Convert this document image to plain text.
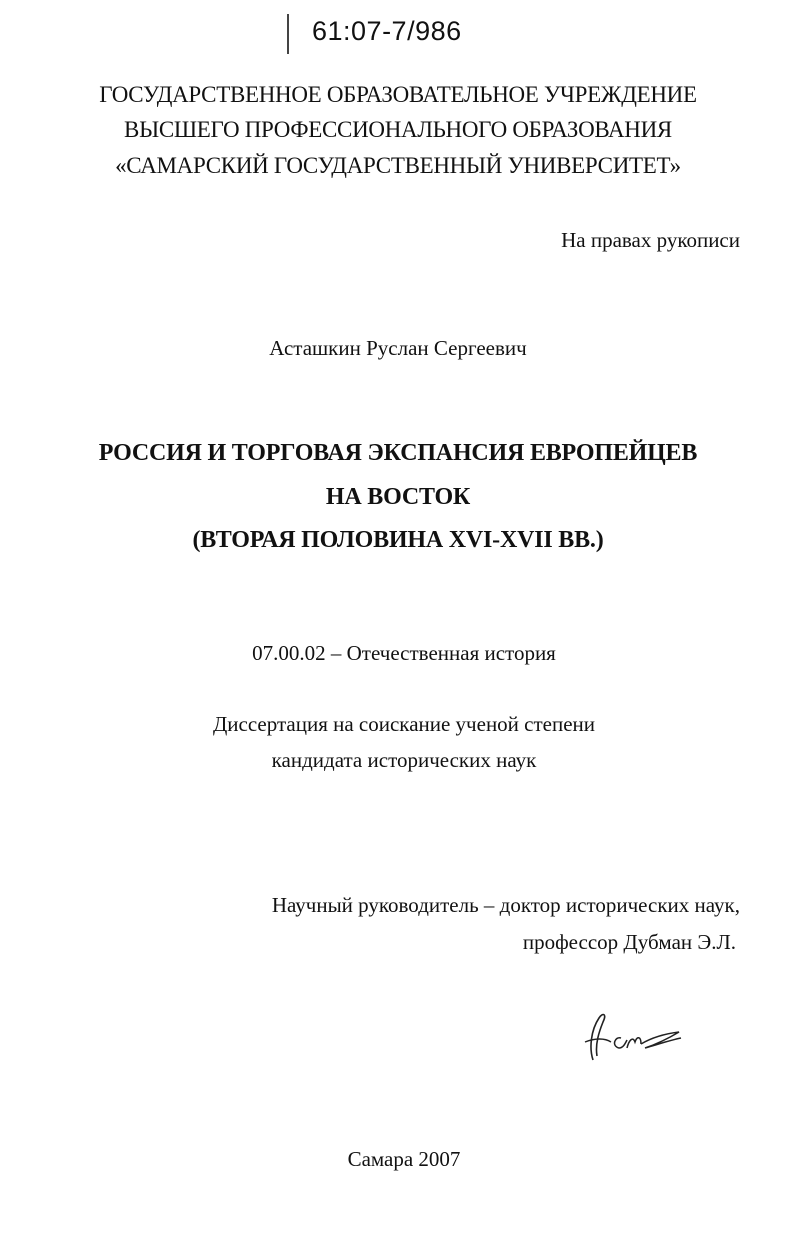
61:07-7/986
ГОСУДАРСТВЕННОЕ ОБРАЗОВАТЕЛЬНОЕ УЧРЕЖДЕНИЕ
ВЫСШЕГО ПРОФЕССИОНАЛЬНОГО ОБРАЗОВАНИЯ
«САМАРСКИЙ ГОСУДАРСТВЕННЫЙ УНИВЕРСИТЕТ»
На правах рукописи
Асташкин Руслан Сергеевич
РОССИЯ И ТОРГОВАЯ ЭКСПАНСИЯ ЕВРОПЕЙЦЕВ
НА ВОСТОК
(ВТОРАЯ ПОЛОВИНА XVI-XVII ВВ.)
07.00.02 – Отечественная история
Диссертация на соискание ученой степени
кандидата исторических наук
Научный руководитель – доктор исторических наук,
профессор Дубман Э.Л.
Самара 2007
